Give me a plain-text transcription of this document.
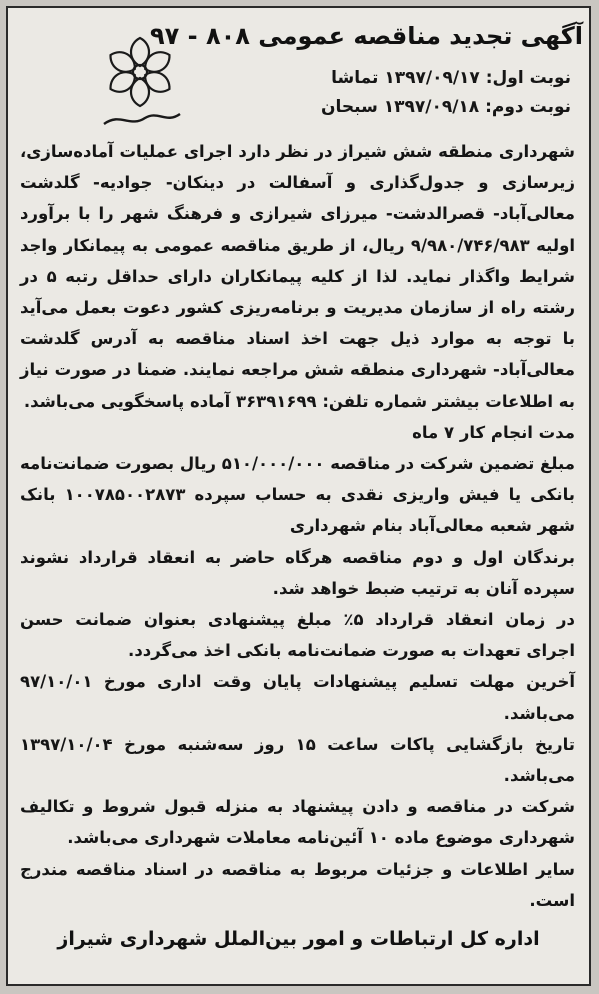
آگهی تجدید مناقصه عمومی ۸۰۸ - ۹۷
نوبت اول: ۱۳۹۷/۰۹/۱۷ تماشا
نوبت دوم: ۱۳۹۷/۰۹/۱۸ سبحان

شهرداری منطقه شش شیراز در نظر دارد اجرای عملیات آماده‌سازی، زیرسازی و جدول‌گذاری و آسفالت در دینکان- جوادیه- گلدشت معالی‌آباد- قصرالدشت- میرزای شیرازی و فرهنگ شهر را با برآورد اولیه ۹/۹۸۰/۷۴۶/۹۸۳ ریال، از طریق مناقصه عمومی به پیمانکار واجد شرایط واگذار نماید. لذا از کلیه پیمانکاران دارای حداقل رتبه ۵ در رشته راه از سازمان مدیریت و برنامه‌ریزی کشور دعوت بعمل می‌آید با توجه به موارد ذیل جهت اخذ اسناد مناقصه به آدرس گلدشت معالی‌آباد- شهرداری منطقه شش مراجعه نمایند. ضمنا در صورت نیاز به اطلاعات بیشتر شماره تلفن: ۳۶۳۹۱۶۹۹ آماده پاسخگویی می‌باشد.

مدت انجام کار ۷ ماه

مبلغ تضمین شرکت در مناقصه ۵۱۰/۰۰۰/۰۰۰ ریال بصورت ضمانت‌نامه بانکی یا فیش واریزی نقدی به حساب سپرده ۱۰۰۷۸۵۰۰۲۸۷۳ بانک شهر شعبه معالی‌آباد بنام شهرداری

برندگان اول و دوم مناقصه هرگاه حاضر به انعقاد قرارداد نشوند سپرده آنان به ترتیب ضبط خواهد شد.

در زمان انعقاد قرارداد ۵٪ مبلغ پیشنهادی بعنوان ضمانت حسن اجرای تعهدات به صورت ضمانت‌نامه بانکی اخذ می‌گردد.

آخرین مهلت تسلیم پیشنهادات پایان وقت اداری مورخ ۹۷/۱۰/۰۱ می‌باشد.

تاریخ بازگشایی پاکات ساعت ۱۵ روز سه‌شنبه مورخ ۱۳۹۷/۱۰/۰۴ می‌باشد.

شرکت در مناقصه و دادن پیشنهاد به منزله قبول شروط و تکالیف شهرداری موضوع ماده ۱۰ آئین‌نامه معاملات شهرداری می‌باشد.

سایر اطلاعات و جزئیات مربوط به مناقصه در اسناد مناقصه مندرج است.

اداره کل ارتباطات و امور بین‌الملل شهرداری شیراز
